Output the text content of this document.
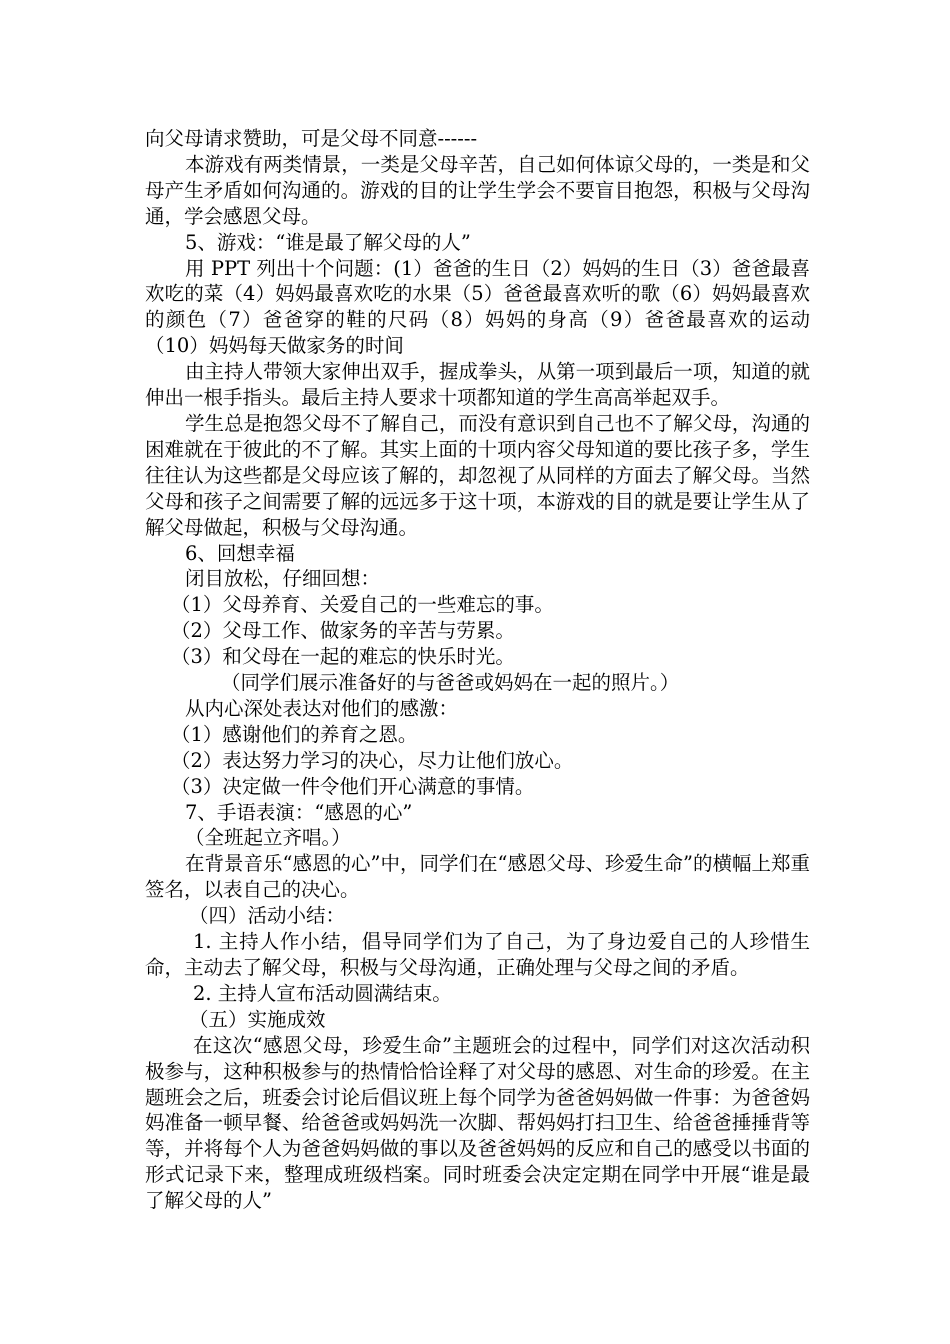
向父母请求赞助，可是父母不同意------

本游戏有两类情景，一类是父母辛苦，自己如何体谅父母的，一类是和父母产生矛盾如何沟通的。游戏的目的让学生学会不要盲目抱怨，积极与父母沟通，学会感恩父母。

5、游戏：“谁是最了解父母的人”

用 PPT 列出十个问题：(1）爸爸的生日（2）妈妈的生日（3）爸爸最喜欢吃的菜（4）妈妈最喜欢吃的水果（5）爸爸最喜欢听的歌（6）妈妈最喜欢的颜色（7）爸爸穿的鞋的尺码（8）妈妈的身高（9）爸爸最喜欢的运动（10）妈妈每天做家务的时间

由主持人带领大家伸出双手，握成拳头，从第一项到最后一项，知道的就伸出一根手指头。最后主持人要求十项都知道的学生高高举起双手。

学生总是抱怨父母不了解自己，而没有意识到自己也不了解父母，沟通的困难就在于彼此的不了解。其实上面的十项内容父母知道的要比孩子多，学生往往认为这些都是父母应该了解的，却忽视了从同样的方面去了解父母。当然父母和孩子之间需要了解的远远多于这十项，本游戏的目的就是要让学生从了解父母做起，积极与父母沟通。

6、回想幸福

闭目放松，仔细回想：

（1）父母养育、关爱自己的一些难忘的事。

（2）父母工作、做家务的辛苦与劳累。

（3）和父母在一起的难忘的快乐时光。

（同学们展示准备好的与爸爸或妈妈在一起的照片。）

从内心深处表达对他们的感激：

（1）感谢他们的养育之恩。

（2）表达努力学习的决心，尽力让他们放心。

（3）决定做一件令他们开心满意的事情。

7、手语表演：“感恩的心”

（全班起立齐唱。）

在背景音乐“感恩的心”中，同学们在“感恩父母、珍爱生命”的横幅上郑重签名，以表自己的决心。

（四）活动小结：

1. 主持人作小结，倡导同学们为了自己，为了身边爱自己的人珍惜生命，主动去了解父母，积极与父母沟通，正确处理与父母之间的矛盾。

2. 主持人宣布活动圆满结束。

（五）实施成效

在这次“感恩父母，珍爱生命”主题班会的过程中，同学们对这次活动积极参与，这种积极参与的热情恰恰诠释了对父母的感恩、对生命的珍爱。在主题班会之后，班委会讨论后倡议班上每个同学为爸爸妈妈做一件事：为爸爸妈妈准备一顿早餐、给爸爸或妈妈洗一次脚、帮妈妈打扫卫生、给爸爸捶捶背等等，并将每个人为爸爸妈妈做的事以及爸爸妈妈的反应和自己的感受以书面的形式记录下来，整理成班级档案。同时班委会决定定期在同学中开展“谁是最了解父母的人”
